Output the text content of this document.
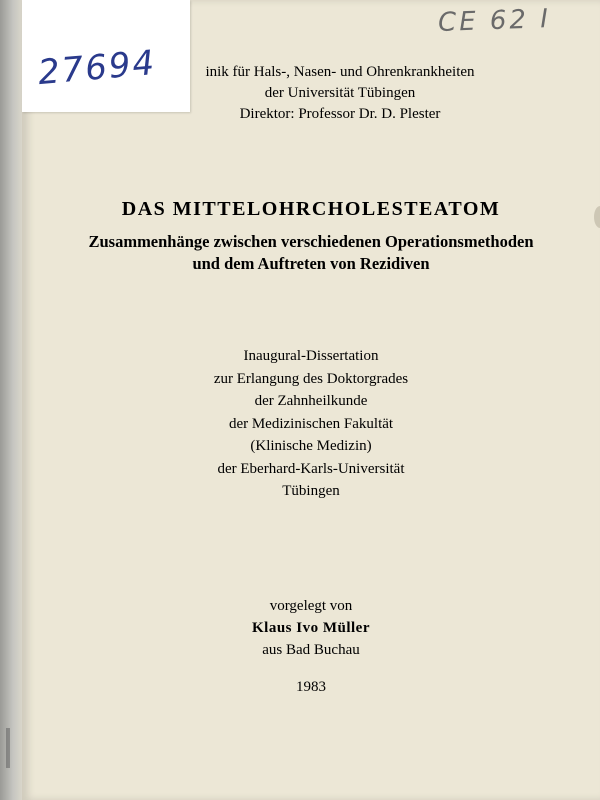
27694
CE 62 I
inik für Hals-, Nasen- und Ohrenkrankheiten
der Universität Tübingen
Direktor: Professor Dr. D. Plester
DAS MITTELOHRCHOLESTEATOM
Zusammenhänge zwischen verschiedenen Operationsmethoden
und dem Auftreten von Rezidiven
Inaugural-Dissertation
zur Erlangung des Doktorgrades
der Zahnheilkunde
der Medizinischen Fakultät
(Klinische Medizin)
der Eberhard-Karls-Universität
Tübingen
vorgelegt von
Klaus Ivo Müller
aus Bad Buchau
1983
